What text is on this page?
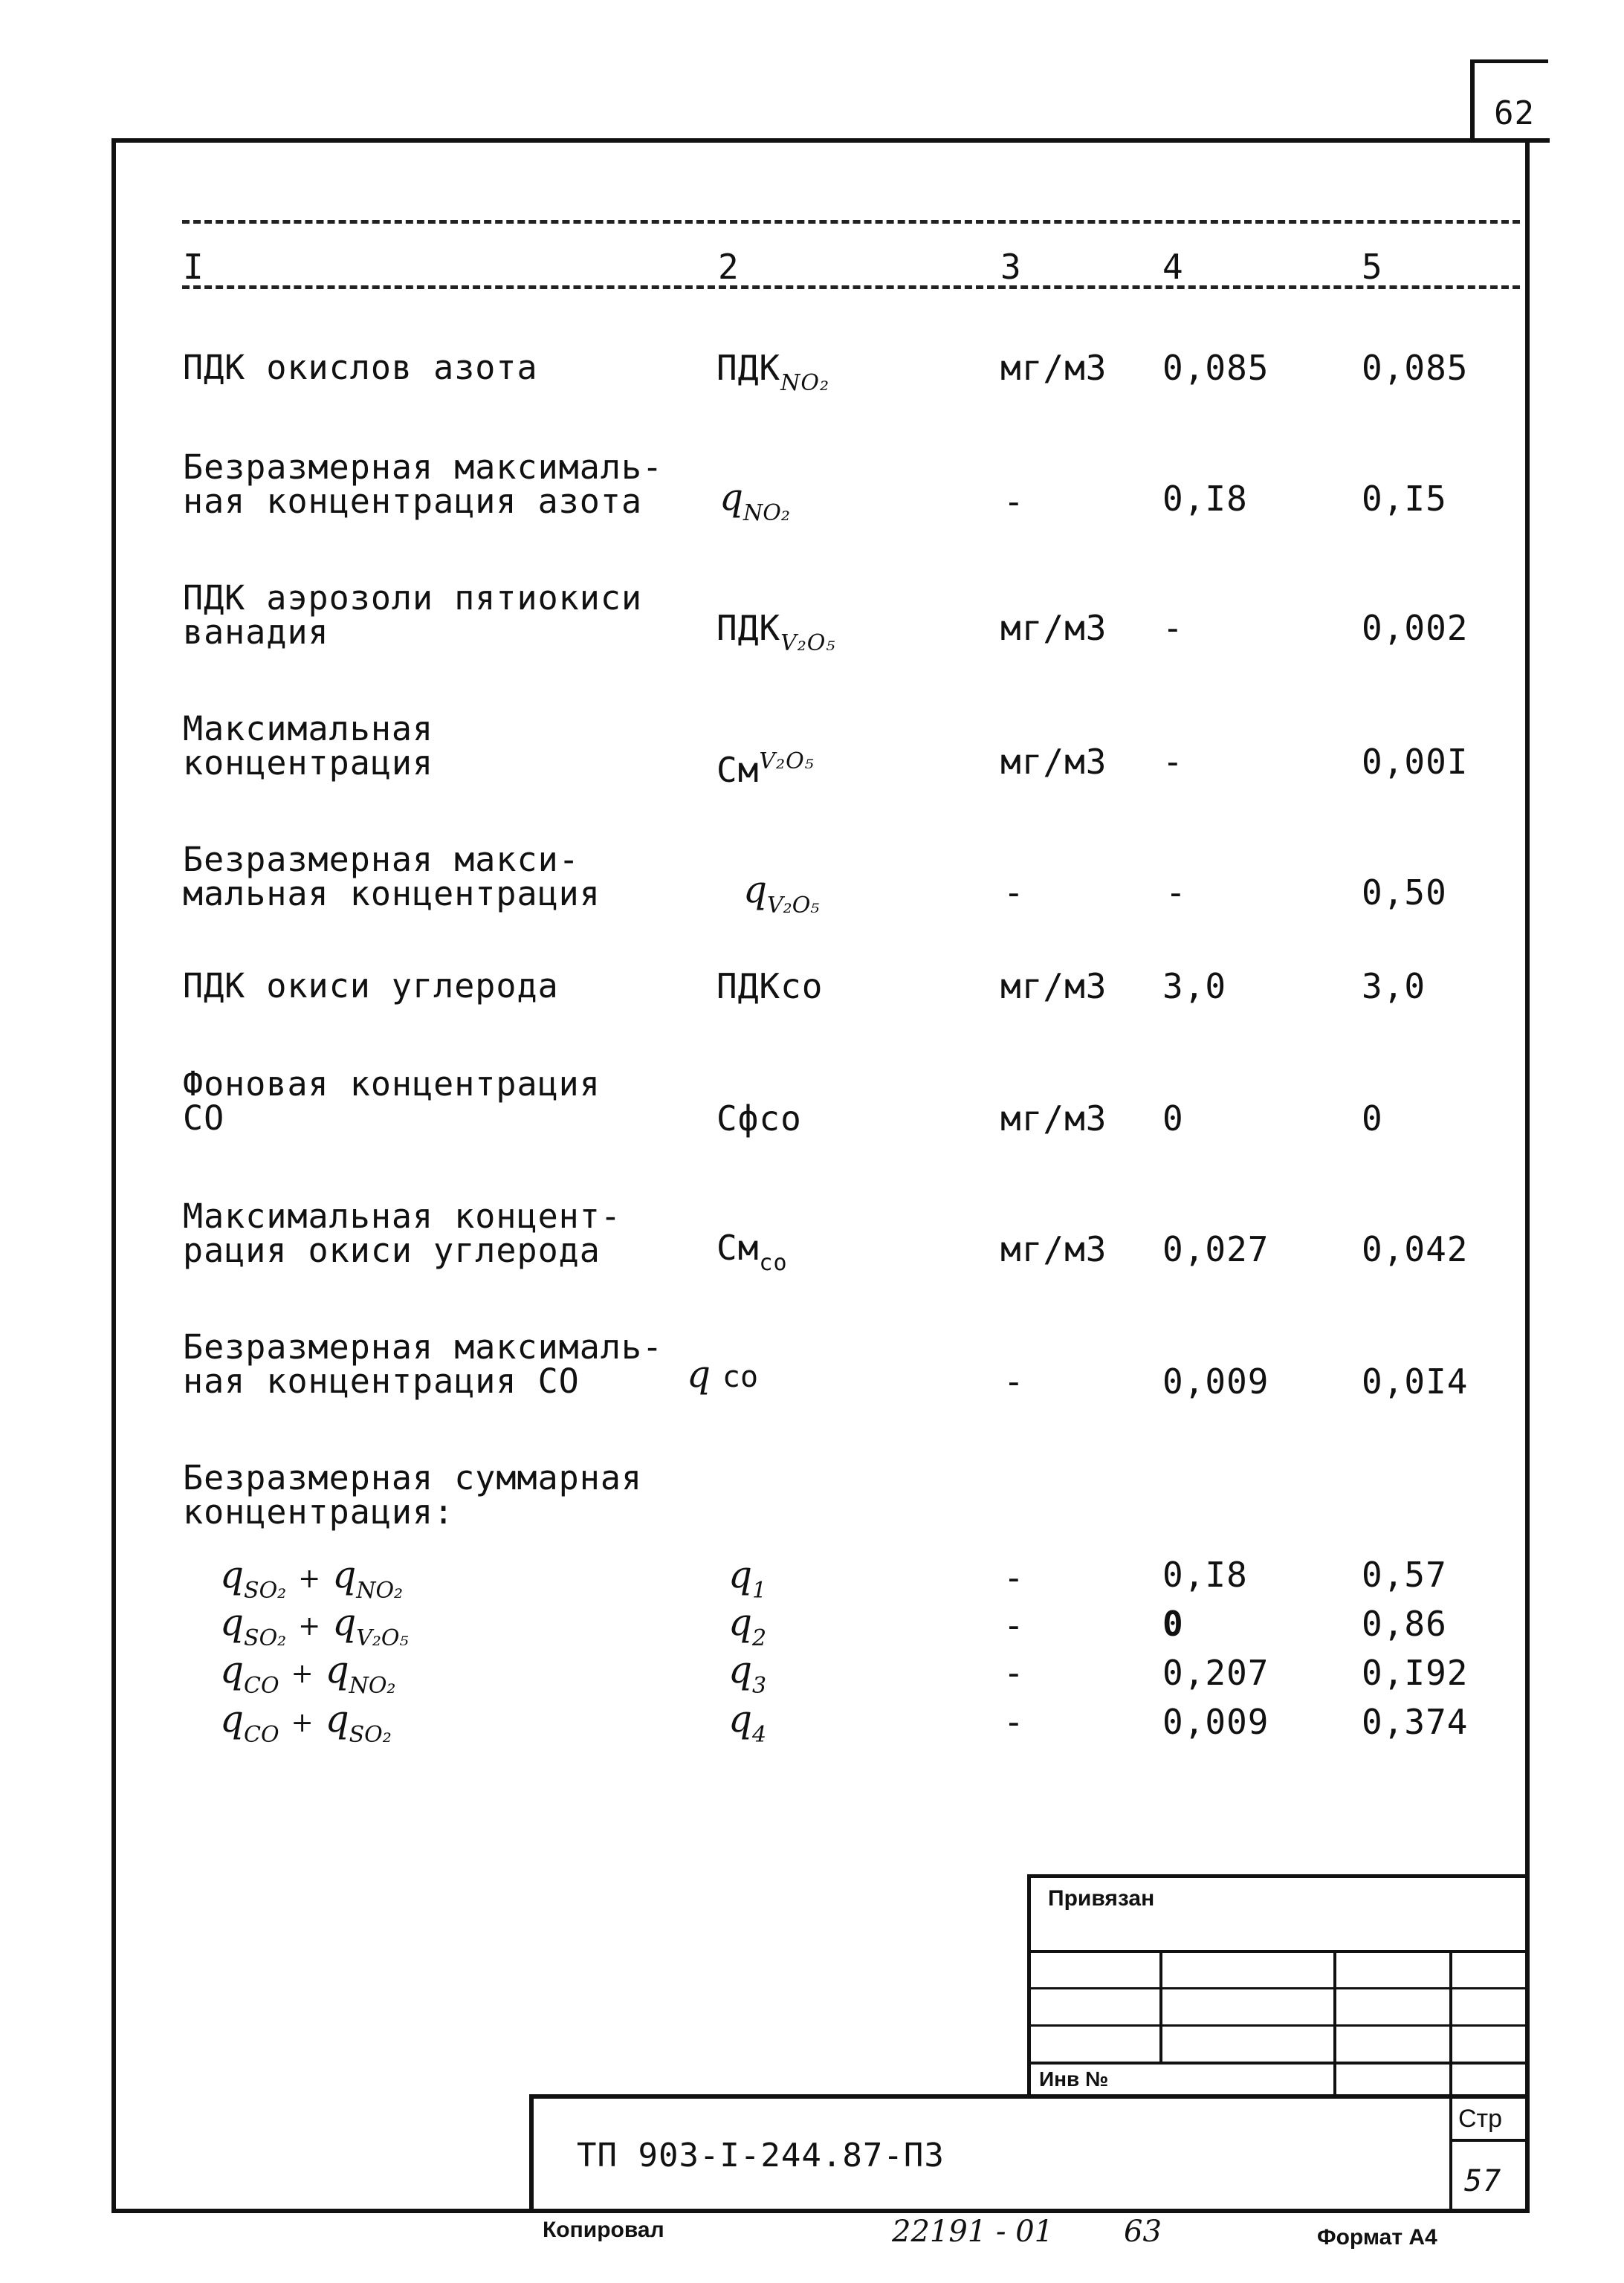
62
I	2	3	4	5
ПДК окислов азота	$ПДК_{NO_2}$	мг/м3 0,085	0,085
Безразмерная максималь-
ная концентрация азота	$q_{NO_2}$	-	0,I8	0,I5
ПДК аэрозоли пятиокиси
ванадия	$ПДК_{V_2O_5}$	мг/м3 -	0,002
Максимальная
концентрация	$См^{V_2O_5}$	мг/м3 -	0,00I
Безразмерная макси-
мальная концентрация	$q_{V_2O_5}$	-	-	0,50
ПДК окиси углерода	ПДКсо	мг/м3 3,0	3,0
Фоновая концентрация
СО	Сфсо	мг/м3 0	0
Максимальная концент-
рация окиси углерода	$См_{со}$	мг/м3 0,027	0,042
Безразмерная максималь-
ная концентрация СО	q со	-	0,009	0,0I4
Безразмерная суммарная
концентрация:
$q_{SO_2} + q_{NO_2}$	$q_1$	-	0,I8	0,57
$q_{SO_2} + q_{V_2O_5}$	$q_2$	-	0	0,86
$q_{CO} + q_{NO_2}$	$q_3$	-	0,207	0,I92
$q_{CO} + q_{SO_2}$	$q_4$	-	0,009	0,374
Привязан
Инв №
ТП 903-I-244.87-ПЗ
Стр
57
Копировал	22191 - 01 63	Формат А4
